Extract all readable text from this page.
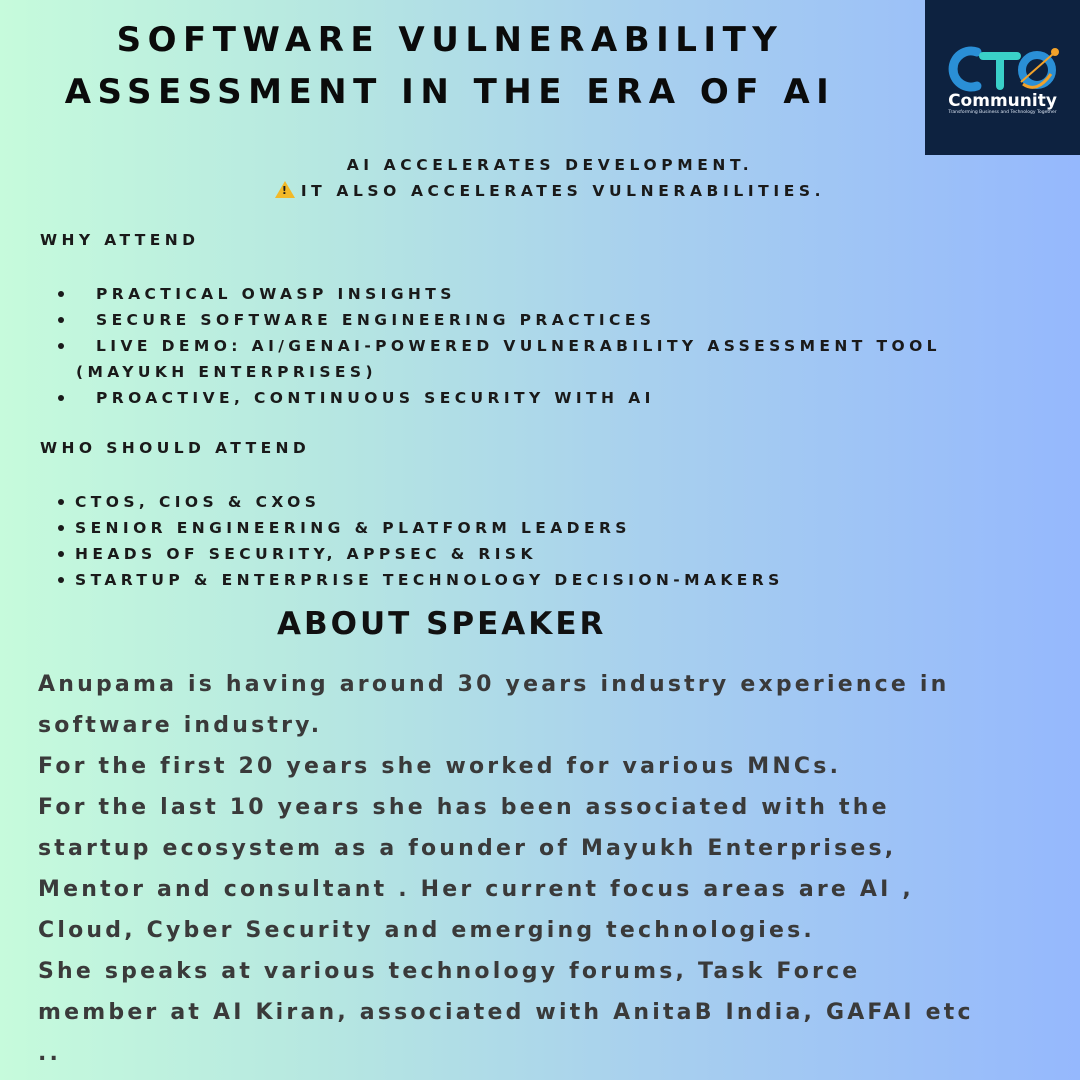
SOFTWARE VULNERABILITY
ASSESSMENT IN THE ERA OF AI	Community
Transforming Business and Technology Together
AI ACCELERATES DEVELOPMENT.
!IT ALSO ACCELERATES VULNERABILITIES.
WHY ATTEND
PRACTICAL OWASP INSIGHTS
SECURE SOFTWARE ENGINEERING PRACTICES
LIVE DEMO: AI/GENAI-POWERED VULNERABILITY ASSESSMENT TOOL
(MAYUKH ENTERPRISES)
PROACTIVE, CONTINUOUS SECURITY WITH AI
WHO SHOULD ATTEND
CTOS, CIOS & CXOS
SENIOR ENGINEERING & PLATFORM LEADERS
HEADS OF SECURITY, APPSEC & RISK
STARTUP & ENTERPRISE TECHNOLOGY DECISION-MAKERS
ABOUT SPEAKER
Anupama is having around 30 years industry experience in
software industry.
For the first 20 years she worked for various MNCs.
For the last 10 years she has been associated with the
startup ecosystem as a founder of Mayukh Enterprises,
Mentor and consultant . Her current focus areas are AI ,
Cloud, Cyber Security and emerging technologies.
She speaks at various technology forums, Task Force
member at AI Kiran, associated with AnitaB India, GAFAI etc
..
